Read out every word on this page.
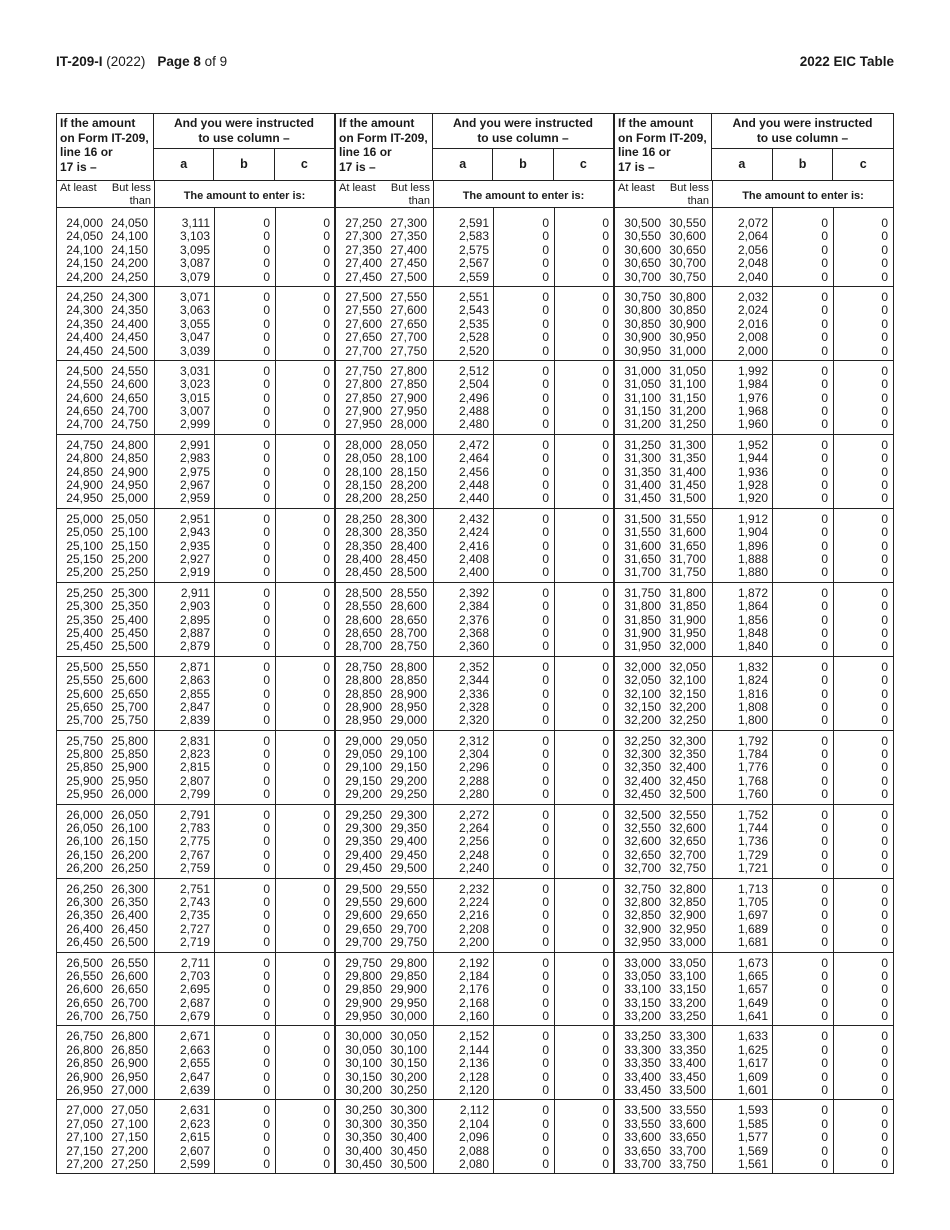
IT-209-I (2022) Page 8 of 9	2022 EIC Table
If the amount
on Form IT-209,
line 16 or
17 is –
And you were instructed
to use column –
a	b	c
At least	But less
than	The amount to enter is:
24,000 24,050	3,111	0	0
24,050 24,100	3,103	0	0
24,100 24,150	3,095	0	0
24,150 24,200	3,087	0	0
24,200 24,250	3,079	0	0
24,250 24,300	3,071	0	0
24,300 24,350	3,063	0	0
24,350 24,400	3,055	0	0
24,400 24,450	3,047	0	0
24,450 24,500	3,039	0	0
24,500 24,550	3,031	0	0
24,550 24,600	3,023	0	0
24,600 24,650	3,015	0	0
24,650 24,700	3,007	0	0
24,700 24,750	2,999	0	0
24,750 24,800	2,991	0	0
24,800 24,850	2,983	0	0
24,850 24,900	2,975	0	0
24,900 24,950	2,967	0	0
24,950 25,000	2,959	0	0
25,000 25,050	2,951	0	0
25,050 25,100	2,943	0	0
25,100 25,150	2,935	0	0
25,150 25,200	2,927	0	0
25,200 25,250	2,919	0	0
25,250 25,300	2,911	0	0
25,300 25,350	2,903	0	0
25,350 25,400	2,895	0	0
25,400 25,450	2,887	0	0
25,450 25,500	2,879	0	0
25,500 25,550	2,871	0	0
25,550 25,600	2,863	0	0
25,600 25,650	2,855	0	0
25,650 25,700	2,847	0	0
25,700 25,750	2,839	0	0
25,750 25,800	2,831	0	0
25,800 25,850	2,823	0	0
25,850 25,900	2,815	0	0
25,900 25,950	2,807	0	0
25,950 26,000	2,799	0	0
26,000 26,050	2,791	0	0
26,050 26,100	2,783	0	0
26,100 26,150	2,775	0	0
26,150 26,200	2,767	0	0
26,200 26,250	2,759	0	0
26,250 26,300	2,751	0	0
26,300 26,350	2,743	0	0
26,350 26,400	2,735	0	0
26,400 26,450	2,727	0	0
26,450 26,500	2,719	0	0
26,500 26,550	2,711	0	0
26,550 26,600	2,703	0	0
26,600 26,650	2,695	0	0
26,650 26,700	2,687	0	0
26,700 26,750	2,679	0	0
26,750 26,800	2,671	0	0
26,800 26,850	2,663	0	0
26,850 26,900	2,655	0	0
26,900 26,950	2,647	0	0
26,950 27,000	2,639	0	0
27,000 27,050	2,631	0	0
27,050 27,100	2,623	0	0
27,100 27,150	2,615	0	0
27,150 27,200	2,607	0	0
27,200 27,250	2,599	0	0
If the amount
on Form IT-209,
line 16 or
17 is –
And you were instructed
to use column –
a	b	c
At least	But less
than	The amount to enter is:
27,250 27,300	2,591	0	0
27,300 27,350	2,583	0	0
27,350 27,400	2,575	0	0
27,400 27,450	2,567	0	0
27,450 27,500	2,559	0	0
27,500 27,550	2,551	0	0
27,550 27,600	2,543	0	0
27,600 27,650	2,535	0	0
27,650 27,700	2,528	0	0
27,700 27,750	2,520	0	0
27,750 27,800	2,512	0	0
27,800 27,850	2,504	0	0
27,850 27,900	2,496	0	0
27,900 27,950	2,488	0	0
27,950 28,000	2,480	0	0
28,000 28,050	2,472	0	0
28,050 28,100	2,464	0	0
28,100 28,150	2,456	0	0
28,150 28,200	2,448	0	0
28,200 28,250	2,440	0	0
28,250 28,300	2,432	0	0
28,300 28,350	2,424	0	0
28,350 28,400	2,416	0	0
28,400 28,450	2,408	0	0
28,450 28,500	2,400	0	0
28,500 28,550	2,392	0	0
28,550 28,600	2,384	0	0
28,600 28,650	2,376	0	0
28,650 28,700	2,368	0	0
28,700 28,750	2,360	0	0
28,750 28,800	2,352	0	0
28,800 28,850	2,344	0	0
28,850 28,900	2,336	0	0
28,900 28,950	2,328	0	0
28,950 29,000	2,320	0	0
29,000 29,050	2,312	0	0
29,050 29,100	2,304	0	0
29,100 29,150	2,296	0	0
29,150 29,200	2,288	0	0
29,200 29,250	2,280	0	0
29,250 29,300	2,272	0	0
29,300 29,350	2,264	0	0
29,350 29,400	2,256	0	0
29,400 29,450	2,248	0	0
29,450 29,500	2,240	0	0
29,500 29,550	2,232	0	0
29,550 29,600	2,224	0	0
29,600 29,650	2,216	0	0
29,650 29,700	2,208	0	0
29,700 29,750	2,200	0	0
29,750 29,800	2,192	0	0
29,800 29,850	2,184	0	0
29,850 29,900	2,176	0	0
29,900 29,950	2,168	0	0
29,950 30,000	2,160	0	0
30,000 30,050	2,152	0	0
30,050 30,100	2,144	0	0
30,100 30,150	2,136	0	0
30,150 30,200	2,128	0	0
30,200 30,250	2,120	0	0
30,250 30,300	2,112	0	0
30,300 30,350	2,104	0	0
30,350 30,400	2,096	0	0
30,400 30,450	2,088	0	0
30,450 30,500	2,080	0	0
If the amount
on Form IT-209,
line 16 or
17 is –
And you were instructed
to use column –
a	b	c
At least	But less
than	The amount to enter is:
30,500 30,550	2,072	0	0
30,550 30,600	2,064	0	0
30,600 30,650	2,056	0	0
30,650 30,700	2,048	0	0
30,700 30,750	2,040	0	0
30,750 30,800	2,032	0	0
30,800 30,850	2,024	0	0
30,850 30,900	2,016	0	0
30,900 30,950	2,008	0	0
30,950 31,000	2,000	0	0
31,000 31,050	1,992	0	0
31,050 31,100	1,984	0	0
31,100 31,150	1,976	0	0
31,150 31,200	1,968	0	0
31,200 31,250	1,960	0	0
31,250 31,300	1,952	0	0
31,300 31,350	1,944	0	0
31,350 31,400	1,936	0	0
31,400 31,450	1,928	0	0
31,450 31,500	1,920	0	0
31,500 31,550	1,912	0	0
31,550 31,600	1,904	0	0
31,600 31,650	1,896	0	0
31,650 31,700	1,888	0	0
31,700 31,750	1,880	0	0
31,750 31,800	1,872	0	0
31,800 31,850	1,864	0	0
31,850 31,900	1,856	0	0
31,900 31,950	1,848	0	0
31,950 32,000	1,840	0	0
32,000 32,050	1,832	0	0
32,050 32,100	1,824	0	0
32,100 32,150	1,816	0	0
32,150 32,200	1,808	0	0
32,200 32,250	1,800	0	0
32,250 32,300	1,792	0	0
32,300 32,350	1,784	0	0
32,350 32,400	1,776	0	0
32,400 32,450	1,768	0	0
32,450 32,500	1,760	0	0
32,500 32,550	1,752	0	0
32,550 32,600	1,744	0	0
32,600 32,650	1,736	0	0
32,650 32,700	1,729	0	0
32,700 32,750	1,721	0	0
32,750 32,800	1,713	0	0
32,800 32,850	1,705	0	0
32,850 32,900	1,697	0	0
32,900 32,950	1,689	0	0
32,950 33,000	1,681	0	0
33,000 33,050	1,673	0	0
33,050 33,100	1,665	0	0
33,100 33,150	1,657	0	0
33,150 33,200	1,649	0	0
33,200 33,250	1,641	0	0
33,250 33,300	1,633	0	0
33,300 33,350	1,625	0	0
33,350 33,400	1,617	0	0
33,400 33,450	1,609	0	0
33,450 33,500	1,601	0	0
33,500 33,550	1,593	0	0
33,550 33,600	1,585	0	0
33,600 33,650	1,577	0	0
33,650 33,700	1,569	0	0
33,700 33,750	1,561	0	0
